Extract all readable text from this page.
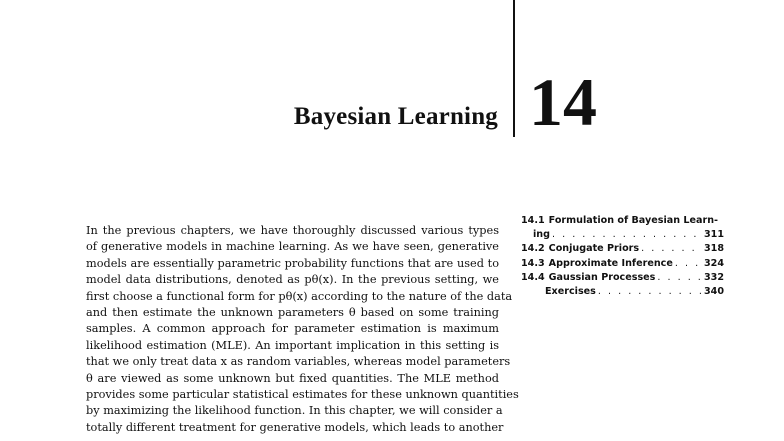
Bayesian Learning 14
In the previous chapters, we have thoroughly discussed various types
of generative models in machine learning. As we have seen, generative
models are essentially parametric probability functions that are used to
model data distributions, denoted as pθ(x). In the previous setting, we
first choose a functional form for pθ(x) according to the nature of the data
and then estimate the unknown parameters θ based on some training
samples. A common approach for parameter estimation is maximum
likelihood estimation (MLE). An important implication in this setting is
that we only treat data x as random variables, whereas model parameters
θ are viewed as some unknown but fixed quantities. The MLE method
provides some particular statistical estimates for these unknown quantities
by maximizing the likelihood function. In this chapter, we will consider a
totally different treatment for generative models, which leads to another
14.1 Formulation of Bayesian Learn-
ing . . .	311
14.2 Conjugate Priors . . .	318
14.3 Approximate Inference . . .	324
14.4 Gaussian Processes . . .	332
Exercises . . .	340
